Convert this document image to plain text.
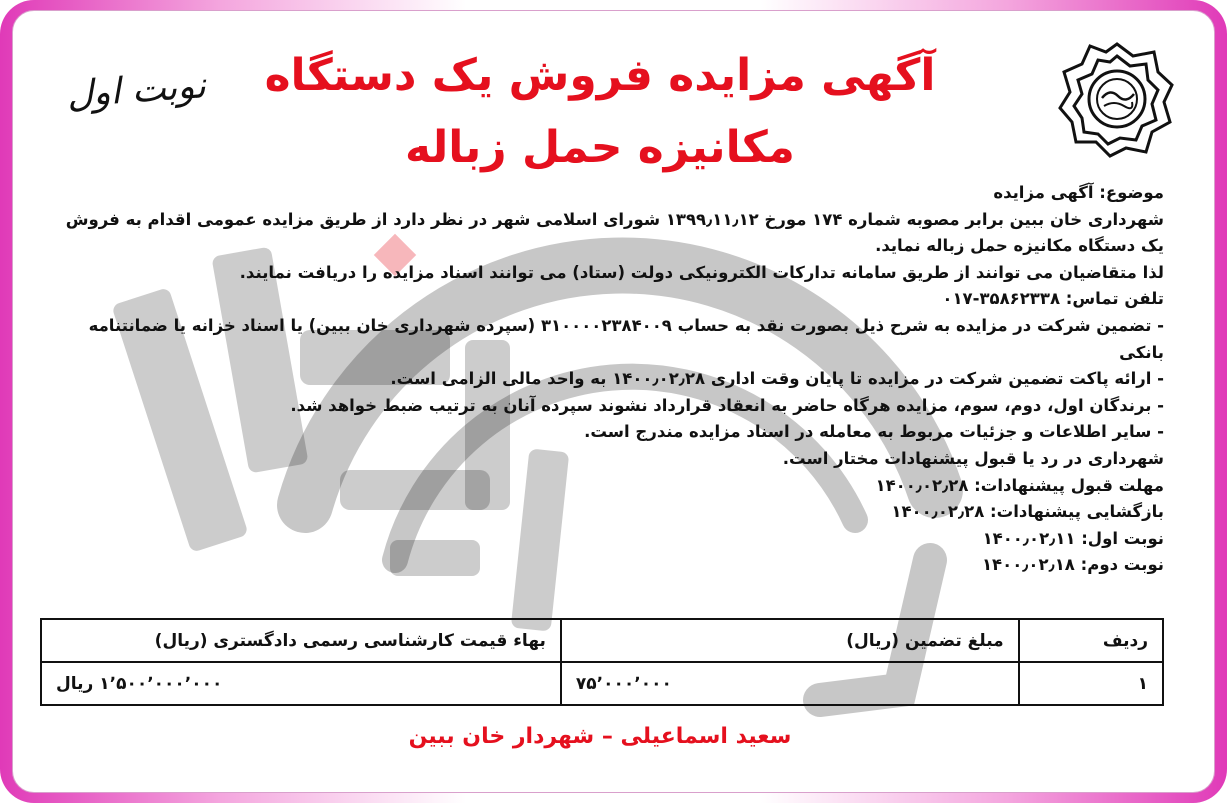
نوبت اول	آگهی مزایده فروش یک دستگاه
مکانیزه حمل زباله
موضوع: آگهی مزایده
شهرداری خان ببین برابر مصوبه شماره ۱۷۴ مورخ ۱۳۹۹٫۱۱٫۱۲ شورای اسلامی شهر در نظر دارد از طریق مزایده عمومی اقدام به فروش یک دستگاه مکانیزه حمل زباله نماید.
لذا متقاضیان می توانند از طریق سامانه تدارکات الکترونیکی دولت (ستاد) می توانند اسناد مزایده را دریافت نمایند.
تلفن تماس: ۳۵۸۶۲۳۳۸-۰۱۷
- تضمین شرکت در مزایده به شرح ذیل بصورت نقد به حساب ۳۱۰۰۰۰۲۳۸۴۰۰۹ (سپرده شهرداری خان ببین) یا اسناد خزانه یا ضمانتنامه بانکی
- ارائه پاکت تضمین شرکت در مزایده تا پایان وقت اداری ۱۴۰۰٫۰۲٫۲۸ به واحد مالی الزامی است.
- برندگان اول، دوم، سوم، مزایده هرگاه حاضر به انعقاد قرارداد نشوند سپرده آنان به ترتیب ضبط خواهد شد.
- سایر اطلاعات و جزئیات مربوط به معامله در اسناد مزایده مندرج است.
شهرداری در رد یا قبول پیشنهادات مختار است.
مهلت قبول پیشنهادات: ۱۴۰۰٫۰۲٫۲۸
بازگشایی پیشنهادات: ۱۴۰۰٫۰۲٫۲۸
نوبت اول: ۱۴۰۰٫۰۲٫۱۱
نوبت دوم: ۱۴۰۰٫۰۲٫۱۸
ردیف	مبلغ تضمین (ریال)	بهاء قیمت کارشناسی رسمی دادگستری (ریال)
۱	۷۵٬۰۰۰٬۰۰۰	۱٬۵۰۰٬۰۰۰٬۰۰۰ ریال
سعید اسماعیلی – شهردار خان ببین
